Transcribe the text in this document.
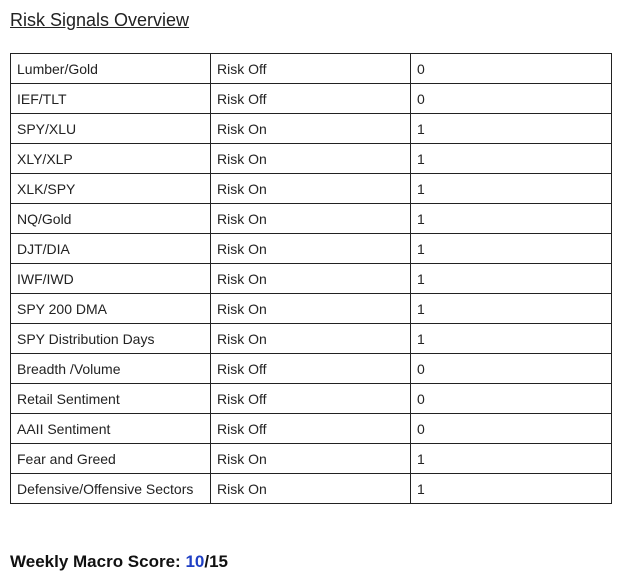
Risk Signals Overview
Lumber/Gold	Risk Off	0
IEF/TLT	Risk Off	0
SPY/XLU	Risk On	1
XLY/XLP	Risk On	1
XLK/SPY	Risk On	1
NQ/Gold	Risk On	1
DJT/DIA	Risk On	1
IWF/IWD	Risk On	1
SPY 200 DMA	Risk On	1
SPY Distribution Days	Risk On	1
Breadth /Volume	Risk Off	0
Retail Sentiment	Risk Off	0
AAII Sentiment	Risk Off	0
Fear and Greed	Risk On	1
Defensive/Offensive Sectors	Risk On	1

Weekly Macro Score: 10/15
